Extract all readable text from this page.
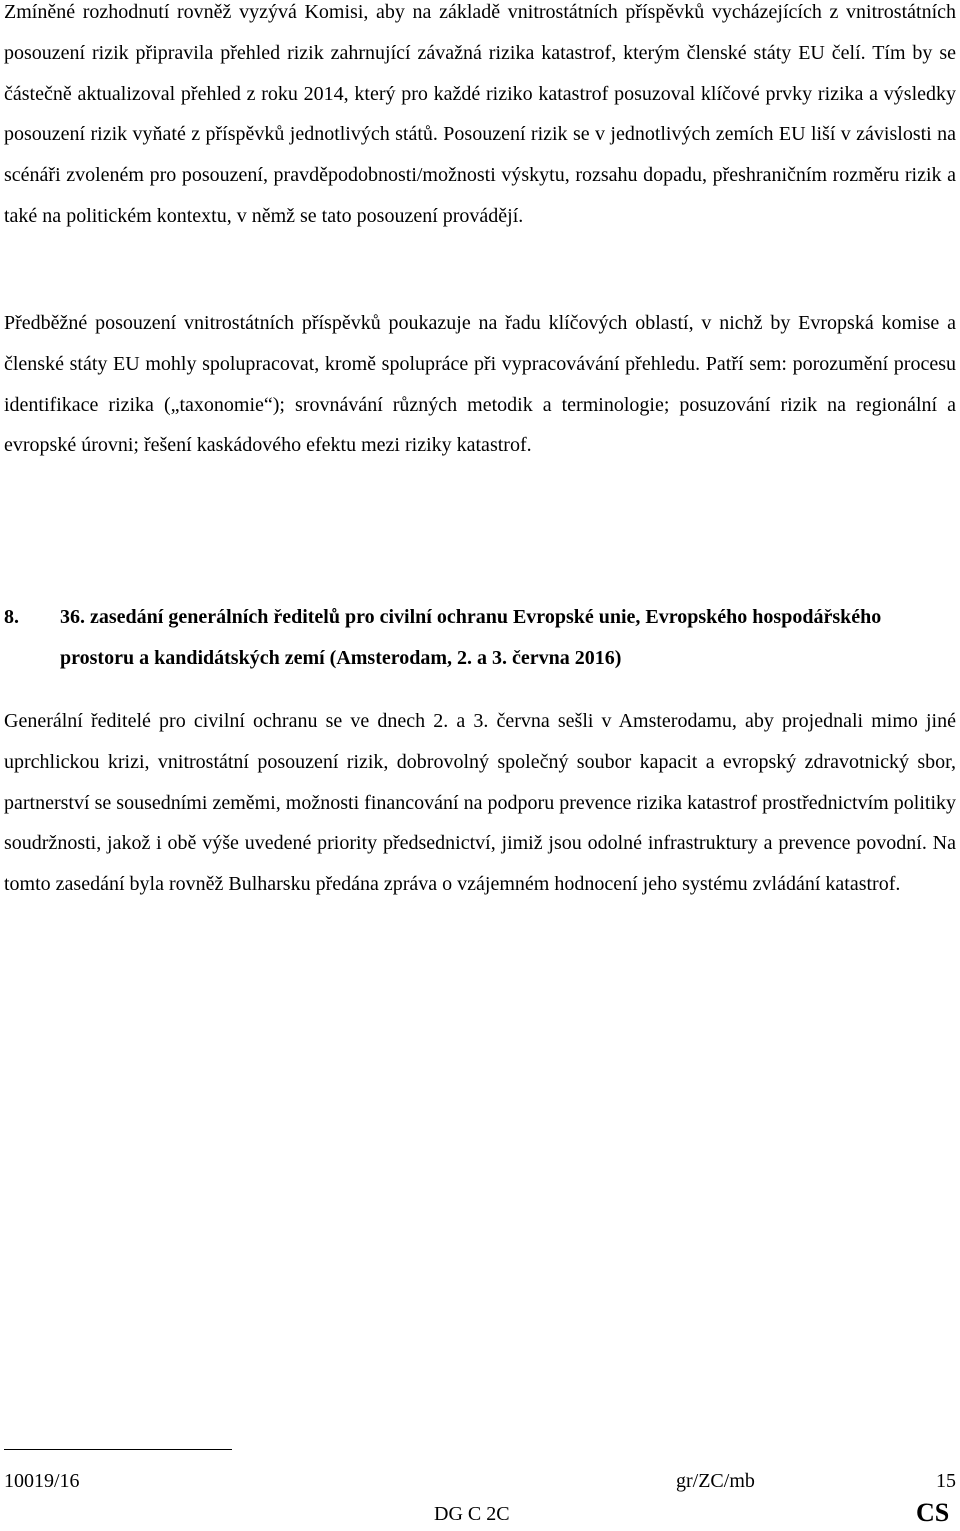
Zmíněné rozhodnutí rovněž vyzývá Komisi, aby na základě vnitrostátních příspěvků vycházejících z vnitrostátních posouzení rizik připravila přehled rizik zahrnující závažná rizika katastrof, kterým členské státy EU čelí. Tím by se částečně aktualizoval přehled z roku 2014, který pro každé riziko katastrof posuzoval klíčové prvky rizika a výsledky posouzení rizik vyňaté z příspěvků jednotlivých států. Posouzení rizik se v jednotlivých zemích EU liší v závislosti na scénáři zvoleném pro posouzení, pravděpodobnosti/možnosti výskytu, rozsahu dopadu, přeshraničním rozměru rizik a také na politickém kontextu, v němž se tato posouzení provádějí.

Předběžné posouzení vnitrostátních příspěvků poukazuje na řadu klíčových oblastí, v nichž by Evropská komise a členské státy EU mohly spolupracovat, kromě spolupráce při vypracovávání přehledu. Patří sem: porozumění procesu identifikace rizika („taxonomie“); srovnávání různých metodik a terminologie; posuzování rizik na regionální a evropské úrovni; řešení kaskádového efektu mezi riziky katastrof.

8. 36. zasedání generálních ředitelů pro civilní ochranu Evropské unie, Evropského hospodářského prostoru a kandidátských zemí (Amsterodam, 2. a 3. června 2016)

Generální ředitelé pro civilní ochranu se ve dnech 2. a 3. června sešli v Amsterodamu, aby projednali mimo jiné uprchlickou krizi, vnitrostátní posouzení rizik, dobrovolný společný soubor kapacit a evropský zdravotnický sbor, partnerství se sousedními zeměmi, možnosti financování na podporu prevence rizika katastrof prostřednictvím politiky soudržnosti, jakož i obě výše uvedené priority předsednictví, jimiž jsou odolné infrastruktury a prevence povodní. Na tomto zasedání byla rovněž Bulharsku předána zpráva o vzájemném hodnocení jeho systému zvládání katastrof.

10019/16	gr/ZC/mb	15
DG C 2C	CS
